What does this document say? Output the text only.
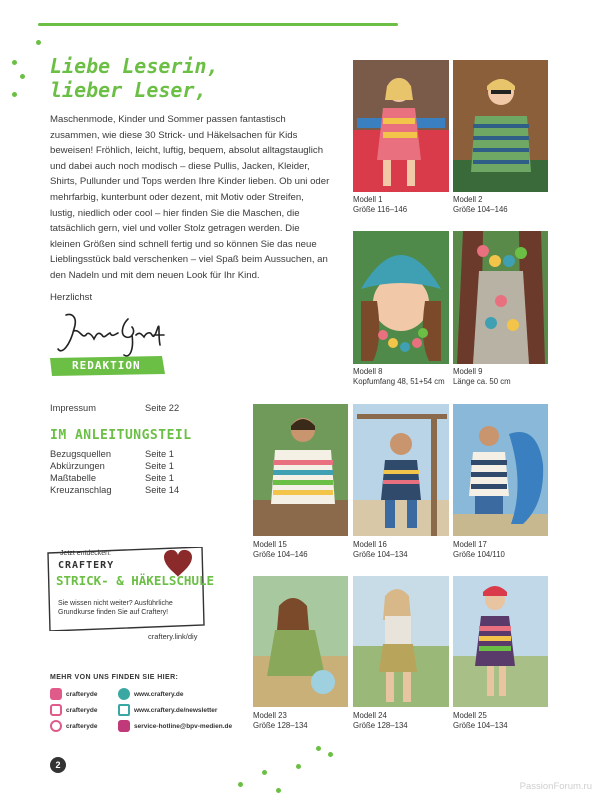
Liebe Leserin,
lieber Leser,
Maschenmode, Kinder und Sommer passen fantastisch zusammen, wie diese 30 Strick- und Häkelsachen für Kids beweisen! Fröhlich, leicht, luftig, bequem, absolut alltagstauglich und dabei auch noch modisch – diese Pullis, Jacken, Kleider, Shirts, Pullunder und Tops werden Ihre Kinder lieben. Ob uni oder mehrfarbig, kunterbunt oder dezent, mit Motiv oder Streifen, lustig, niedlich oder cool – hier finden Sie die Maschen, die tatsächlich gern, viel und voller Stolz getragen werden. Die kleinen Größen sind schnell fertig und so können Sie das neue Lieblingsstück bald verschenken – viel Spaß beim Aussuchen, an den Nadeln und mit dem neuen Look für Ihr Kind.
Herzlichst
REDAKTION
Impressum	Seite 22
IM ANLEITUNGSTEIL
Bezugsquellen	Seite 1
Abkürzungen	Seite 1
Maßtabelle	Seite 1
Kreuzanschlag	Seite 14
Jetzt entdecken:
CRAFTERY
STRICK- & HÄKELSCHULE
Sie wissen nicht weiter? Ausführliche Grundkurse finden Sie auf Craftery!
craftery.link/diy
MEHR VON UNS FINDEN SIE HIER:
crafteryde	www.craftery.de
crafteryde	www.craftery.de/newsletter
crafteryde	service-hotline@bpv-medien.de
2
PassionForum.ru
Modell 1
Größe 116–146
Modell 2
Größe 104–146
Modell 8
Kopfumfang 48, 51+54 cm
Modell 9
Länge ca. 50 cm
Modell 15
Größe 104–146
Modell 16
Größe 104–134
Modell 17
Größe 104/110
Modell 23
Größe 128–134
Modell 24
Größe 128–134
Modell 25
Größe 104–134
